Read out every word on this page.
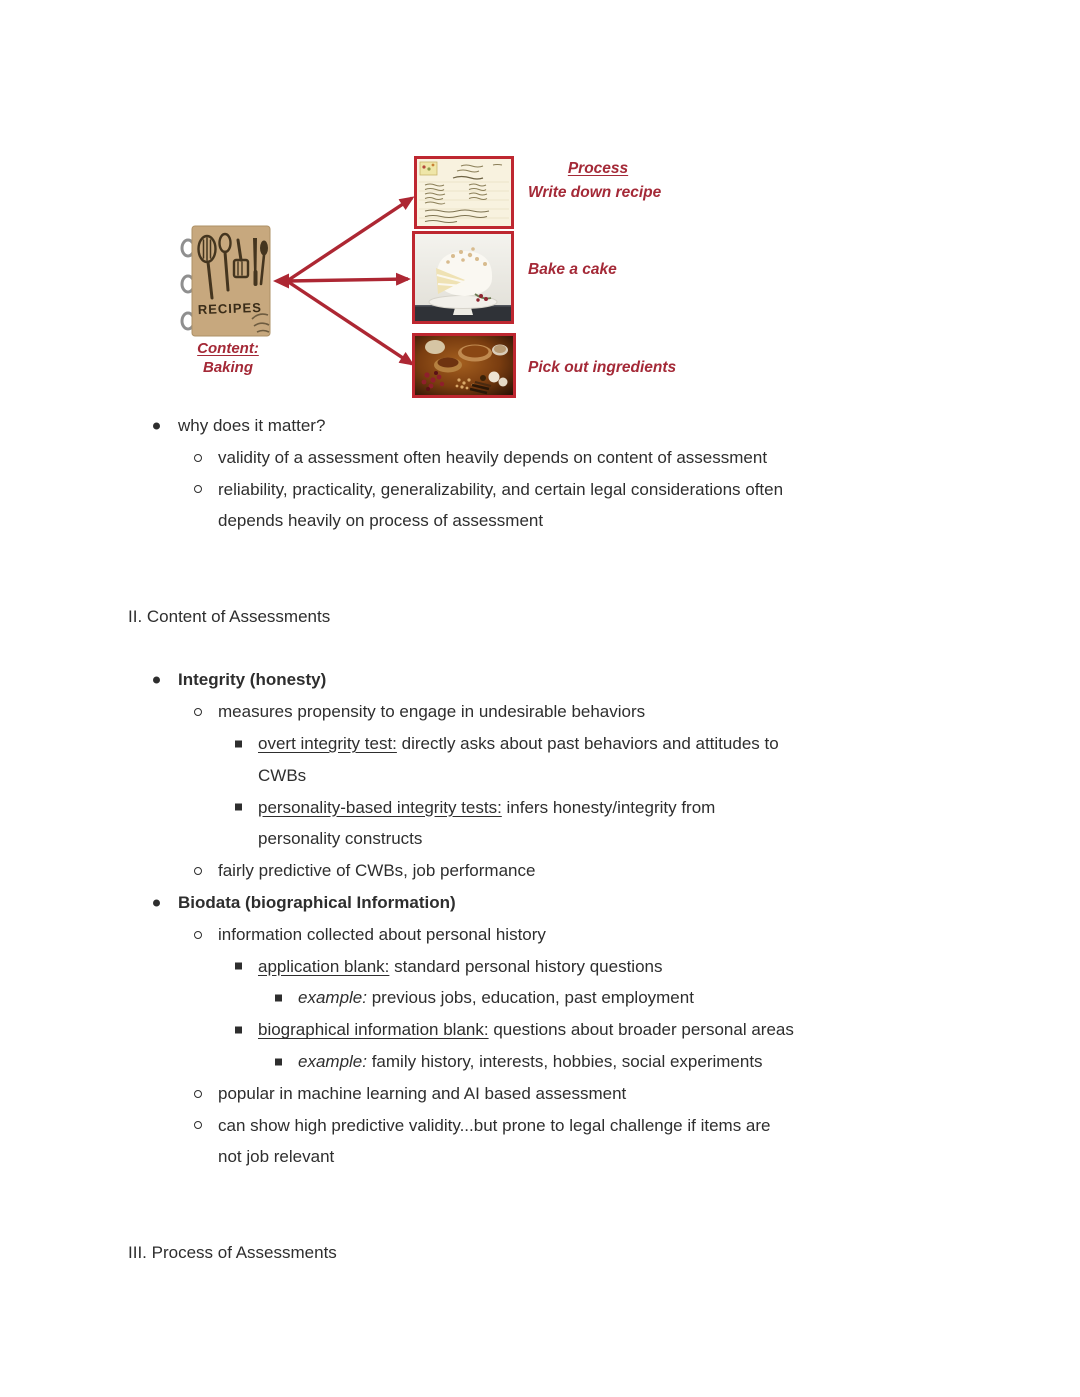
RECIPES
Content:
Baking
Process
Write down recipe
Bake a cake
Pick out ingredients
why does it matter?
validity of a assessment often heavily depends on content of assessment
reliability, practicality, generalizability, and certain legal considerations often
depends heavily on process of assessment
II. Content of Assessments
Integrity (honesty)
measures propensity to engage in undesirable behaviors
overt integrity test: directly asks about past behaviors and attitudes to
CWBs
personality-based integrity tests: infers honesty/integrity from
personality constructs
fairly predictive of CWBs, job performance
Biodata (biographical Information)
information collected about personal history
application blank: standard personal history questions
example: previous jobs, education, past employment
biographical information blank: questions about broader personal areas
example: family history, interests, hobbies, social experiments
popular in machine learning and AI based assessment
can show high predictive validity...but prone to legal challenge if items are
not job relevant
III. Process of Assessments
